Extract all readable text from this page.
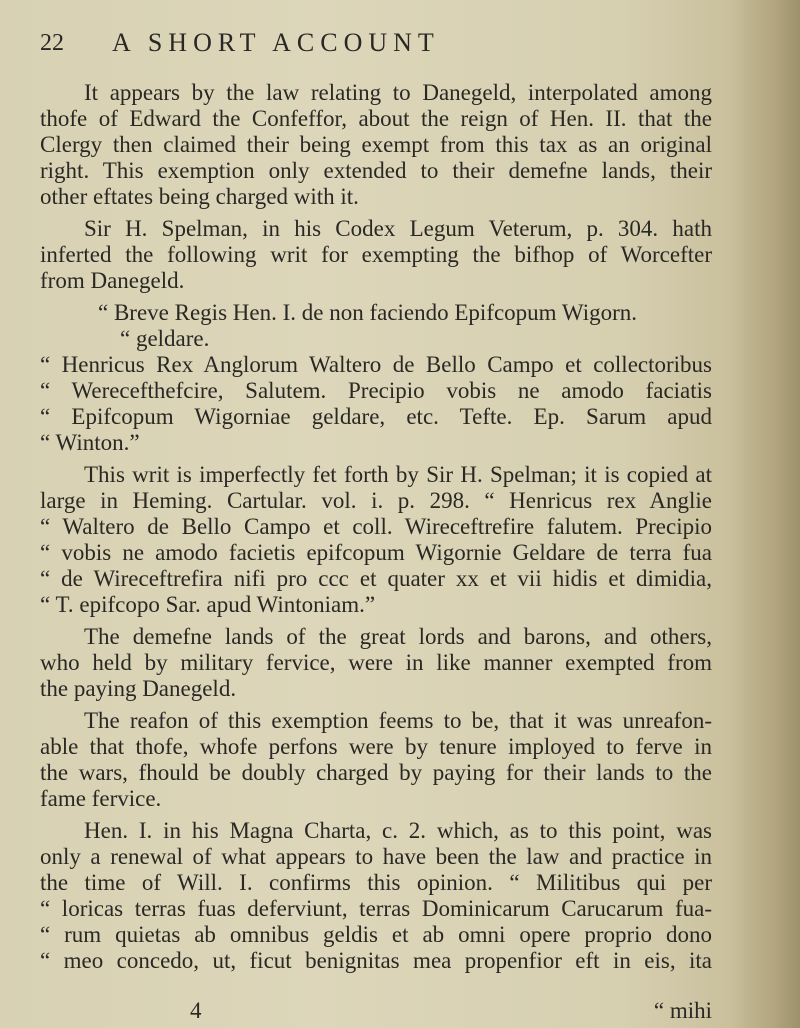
22 A SHORT ACCOUNT
It appears by the law relating to Danegeld, interpolated among
thofe of Edward the Confeffor, about the reign of Hen. II. that the
Clergy then claimed their being exempt from this tax as an original
right. This exemption only extended to their demefne lands, their
other eftates being charged with it.
Sir H. Spelman, in his Codex Legum Veterum, p. 304. hath
inferted the following writ for exempting the bifhop of Worcefter
from Danegeld.
“ Breve Regis Hen. I. de non faciendo Epifcopum Wigorn.
“ geldare.
“ Henricus Rex Anglorum Waltero de Bello Campo et collectoribus
“ Werecefthefcire, Salutem. Precipio vobis ne amodo faciatis
“ Epifcopum Wigorniae geldare, etc. Tefte. Ep. Sarum apud
“ Winton.”
This writ is imperfectly fet forth by Sir H. Spelman; it is copied at
large in Heming. Cartular. vol. i. p. 298. “ Henricus rex Anglie
“ Waltero de Bello Campo et coll. Wireceftrefire falutem. Precipio
“ vobis ne amodo facietis epifcopum Wigornie Geldare de terra fua
“ de Wireceftrefira nifi pro ccc et quater xx et vii hidis et dimidia,
“ T. epifcopo Sar. apud Wintoniam.”
The demefne lands of the great lords and barons, and others,
who held by military fervice, were in like manner exempted from
the paying Danegeld.
The reafon of this exemption feems to be, that it was unreafon-
able that thofe, whofe perfons were by tenure imployed to ferve in
the wars, fhould be doubly charged by paying for their lands to the
fame fervice.
Hen. I. in his Magna Charta, c. 2. which, as to this point, was
only a renewal of what appears to have been the law and practice in
the time of Will. I. confirms this opinion. “ Militibus qui per
“ loricas terras fuas deferviunt, terras Dominicarum Carucarum fua-
“ rum quietas ab omnibus geldis et ab omni opere proprio dono
“ meo concedo, ut, ficut benignitas mea propenfior eft in eis, ita
4	“ mihi
